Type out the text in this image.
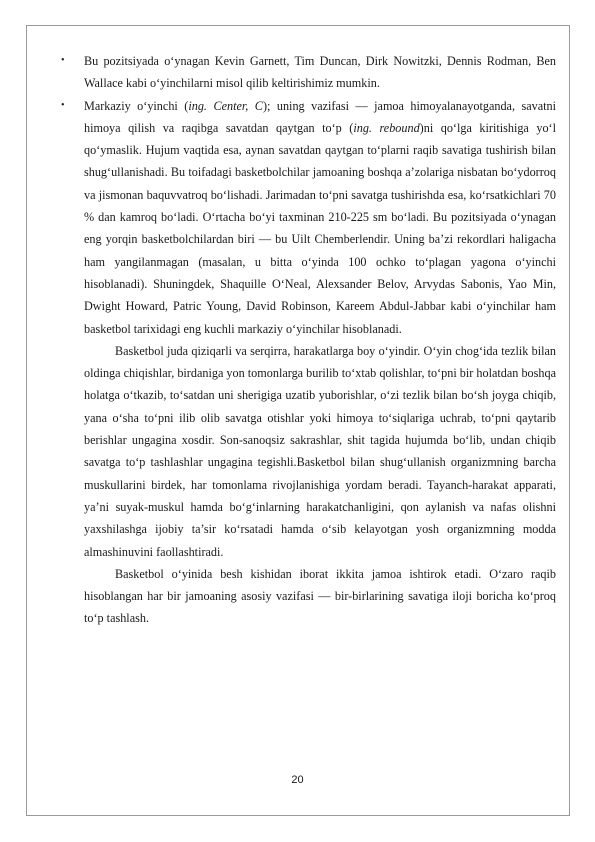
• Bu pozitsiyada o‘ynagan Kevin Garnett, Tim Duncan, Dirk Nowitzki, Dennis Rodman, Ben Wallace kabi o‘yinchilarni misol qilib keltirishimiz mumkin.

• Markaziy o‘yinchi (ing. Center, C); uning vazifasi — jamoa himoyalanayotganda, savatni himoya qilish va raqibga savatdan qaytgan to‘p (ing. rebound)ni qo‘lga kiritishiga yo‘l qo‘ymaslik. Hujum vaqtida esa, aynan savatdan qaytgan to‘plarni raqib savatiga tushirish bilan shug‘ullanishadi. Bu toifadagi basketbolchilar jamoaning boshqa a’zolariga nisbatan bo‘ydorroq va jismonan baquvvatroq bo‘lishadi. Jarimadan to‘pni savatga tushirishda esa, ko‘rsatkichlari 70 % dan kamroq bo‘ladi. O‘rtacha bo‘yi taxminan 210-225 sm bo‘ladi. Bu pozitsiyada o‘ynagan eng yorqin basketbolchilardan biri — bu Uilt Chemberlendir. Uning ba’zi rekordlari haligacha ham yangilanmagan (masalan, u bitta o‘yinda 100 ochko to‘plagan yagona o‘yinchi hisoblanadi). Shuningdek, Shaquille O‘Neal, Alexsander Belov, Arvydas Sabonis, Yao Min, Dwight Howard, Patric Young, David Robinson, Kareem Abdul-Jabbar kabi o‘yinchilar ham basketbol tarixidagi eng kuchli markaziy o‘yinchilar hisoblanadi.

Basketbol juda qiziqarli va serqirra, harakatlarga boy o‘yindir. O‘yin chog‘ida tezlik bilan oldinga chiqishlar, birdaniga yon tomonlarga burilib to‘xtab qolishlar, to‘pni bir holatdan boshqa holatga o‘tkazib, to‘satdan uni sherigiga uzatib yuborishlar, o‘zi tezlik bilan bo‘sh joyga chiqib, yana o‘sha to‘pni ilib olib savatga otishlar yoki himoya to‘siqlariga uchrab, to‘pni qaytarib berishlar ungagina xosdir. Son-sanoqsiz sakrashlar, shit tagida hujumda bo‘lib, undan chiqib savatga to‘p tashlashlar ungagina tegishli.Basketbol bilan shug‘ullanish organizmning barcha muskullarini birdek, har tomonlama rivojlanishiga yordam beradi. Tayanch-harakat apparati, ya’ni suyak-muskul hamda bo‘g‘inlarning harakatchanligini, qon aylanish va nafas olishni yaxshilashga ijobiy ta’sir ko‘rsatadi hamda o‘sib kelayotgan yosh organizmning modda almashinuvini faollashtiradi.

Basketbol o‘yinida besh kishidan iborat ikkita jamoa ishtirok etadi. O‘zaro raqib hisoblangan har bir jamoaning asosiy vazifasi — bir-birlarining savatiga iloji boricha ko‘proq to‘p tashlash.

20
